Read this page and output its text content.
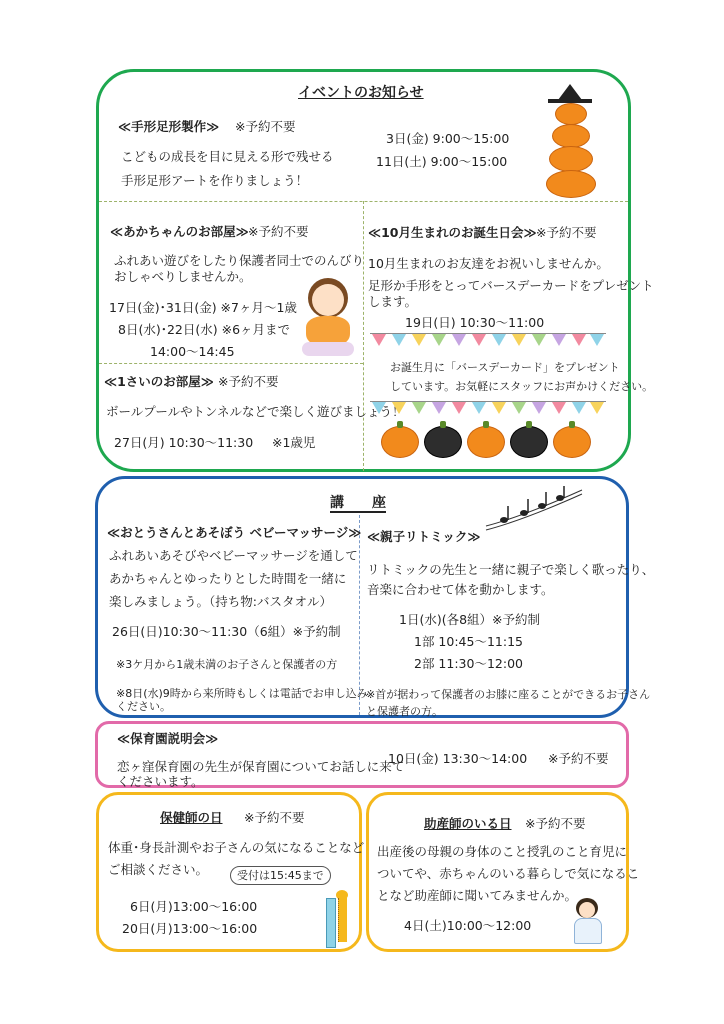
イベントのお知らせ
≪手形足形製作≫ ※予約不要
こどもの成長を目に見える形で残せる
手形足形アートを作りましょう！
3日(金) 9:00～15:00
11日(土) 9:00～15:00
≪あかちゃんのお部屋≫ ※予約不要
ふれあい遊びをしたり保護者同士でのんびり
おしゃべりしませんか。
17日(金)･31日(金) ※7ヶ月～1歳
8日(水)･22日(水) ※6ヶ月まで
14:00～14:45
≪1さいのお部屋≫ ※予約不要
ボールプールやトンネルなどで楽しく遊びましょう！
27日(月) 10:30～11:30 ※1歳児
≪10月生まれのお誕生日会≫ ※予約不要
10月生まれのお友達をお祝いしませんか。
足形か手形をとってバースデーカードをプレゼント
します。
19日(日) 10:30～11:00
お誕生月に「バースデーカード」をプレゼント
しています。お気軽にスタッフにお声かけください。
講　　座
≪おとうさんとあそぼう ベビーマッサージ≫
ふれあいあそびやベビーマッサージを通して
あかちゃんとゆったりとした時間を一緒に
楽しみましょう。（持ち物:バスタオル）
26日(日)10:30～11:30（6組）※予約制
※3ケ月から1歳未満のお子さんと保護者の方
※8日(水)9時から来所時もしくは電話でお申し込み
ください。
≪親子リトミック≫
リトミックの先生と一緒に親子で楽しく歌ったり、
音楽に合わせて体を動かします。
1日(水)(各8組）※予約制
1部 10:45～11:15
2部 11:30～12:00
※首が据わって保護者のお膝に座ることができるお子さん
と保護者の方。
≪保育園説明会≫
恋ヶ窪保育園の先生が保育園についてお話しに来て
くださいます。
10日(金) 13:30～14:00 ※予約不要
保健師の日 ※予約不要
体重･身長計測やお子さんの気になることなど
ご相談ください。	受付は15:45まで
6日(月)13:00～16:00
20日(月)13:00～16:00
助産師のいる日 ※予約不要
出産後の母親の身体のこと授乳のこと育児に
ついてや、赤ちゃんのいる暮らしで気になるこ
となど助産師に聞いてみませんか。
4日(土)10:00～12:00
